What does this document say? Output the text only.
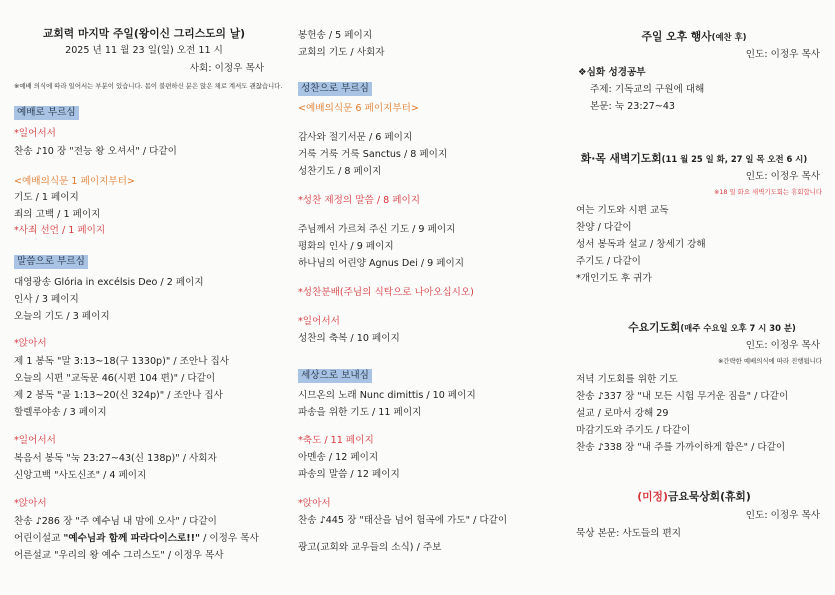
교회력 마지막 주일(왕이신 그리스도의 날)
2025 년 11 월 23 일(일) 오전 11 시
사회: 이정우 목사
※예배 의식에 따라 일어서는 부분이 있습니다. 몸이 불편하신 분은 앉은 채로 계셔도 괜찮습니다.
예배로 부르심
*일어서서
찬송 ♪10 장 "전능 왕 오셔서" / 다같이
<예배의식문 1 페이지부터>
기도 / 1 페이지
죄의 고백 / 1 페이지
*사죄 선언 / 1 페이지
말씀으로 부르심
대영광송 Glória in excélsis Deo / 2 페이지
인사 / 3 페이지
오늘의 기도 / 3 페이지
*앉아서
제 1 봉독 "말 3:13~18(구 1330p)" / 조안나 집사
오늘의 시편 "교독문 46(시편 104 편)" / 다같이
제 2 봉독 "골 1:13~20(신 324p)" / 조안나 집사
할렐루야송 / 3 페이지
*일어서서
복음서 봉독 "눅 23:27~43(신 138p)" / 사회자
신앙고백 "사도신조" / 4 페이지
*앉아서
찬송 ♪286 장 "주 예수님 내 맘에 오사" / 다같이
어린이설교 "예수님과 함께 파라다이스로!!" / 이정우 목사
어른설교 "우리의 왕 예수 그리스도" / 이정우 목사
봉헌송 / 5 페이지
교회의 기도 / 사회자
성찬으로 부르심
<예배의식문 6 페이지부터>
감사와 절기서문 / 6 페이지
거룩 거룩 거룩 Sanctus / 8 페이지
성찬기도 / 8 페이지
*성찬 제정의 말씀 / 8 페이지
주님께서 가르쳐 주신 기도 / 9 페이지
평화의 인사 / 9 페이지
하나님의 어린양 Agnus Dei / 9 페이지
*성찬분배(주님의 식탁으로 나아오십시오)
*일어서서
성찬의 축복 / 10 페이지
세상으로 보내심
시므온의 노래 Nunc dimittis / 10 페이지
파송을 위한 기도 / 11 페이지
*축도 / 11 페이지
아멘송 / 12 페이지
파송의 말씀 / 12 페이지
*앉아서
찬송 ♪445 장 "태산을 넘어 험곡에 가도" / 다같이
광고(교회와 교우들의 소식) / 주보
주일 오후 행사(예찬 후)
인도: 이정우 목사
❖심화 성경공부
주제: 기독교의 구원에 대해
본문: 눅 23:27~43
화·목 새벽기도회(11 월 25 일 화, 27 일 목 오전 6 시)
인도: 이정우 목사
※18 일 화요 새벽기도회는 휴회합니다
여는 기도와 시편 교독
찬양 / 다같이
성서 봉독과 설교 / 창세기 강해
주기도 / 다같이
*개인기도 후 귀가
수요기도회(매주 수요일 오후 7 시 30 분)
인도: 이정우 목사
※간략한 예배의식에 따라 진행됩니다
저녁 기도회를 위한 기도
찬송 ♪337 장 "내 모든 시험 무거운 짐을" / 다같이
설교 / 로마서 강해 29
마감기도와 주기도 / 다같이
찬송 ♪338 장 "내 주를 가까이하게 함은" / 다같이
(미정)금요묵상회(휴회)
인도: 이정우 목사
묵상 본문: 사도들의 편지
